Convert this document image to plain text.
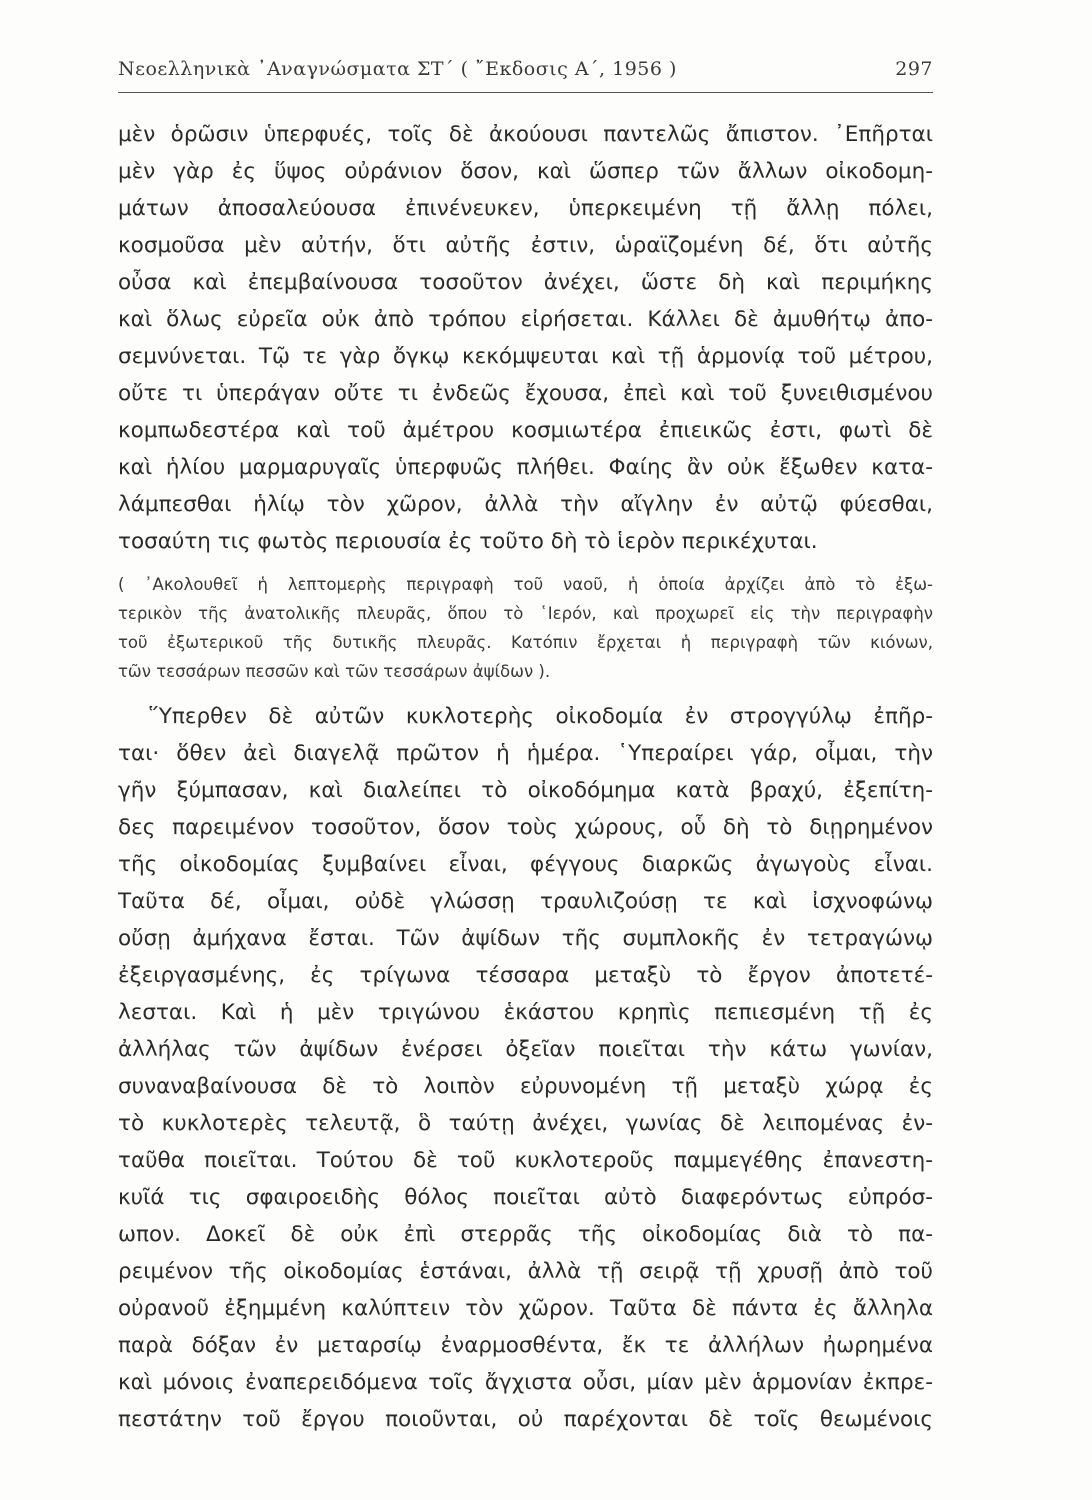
Νεοελληνικὰ ᾿Αναγνώσματα ΣΤ΄ ( ῎Εκδοσις Α΄, 1956 )	297
μὲν ὁρῶσιν ὑπερφυές, τοῖς δὲ ἀκούουσι παντελῶς ἄπιστον. ᾿Επῆρται
μὲν γὰρ ἐς ὕψος οὐράνιον ὅσον, καὶ ὥσπερ τῶν ἄλλων οἰκοδομη-
μάτων ἀποσαλεύουσα ἐπινένευκεν, ὑπερκειμένη τῇ ἄλλῃ πόλει,
κοσμοῦσα μὲν αὐτήν, ὅτι αὐτῆς ἐστιν, ὡραϊζομένη δέ, ὅτι αὐτῆς
οὖσα καὶ ἐπεμβαίνουσα τοσοῦτον ἀνέχει, ὥστε δὴ καὶ περιμήκης
καὶ ὅλως εὐρεῖα οὐκ ἀπὸ τρόπου εἰρήσεται. Κάλλει δὲ ἀμυθήτῳ ἀπο-
σεμνύνεται. Τῷ τε γὰρ ὄγκῳ κεκόμψευται καὶ τῇ ἁρμονίᾳ τοῦ μέτρου,
οὔτε τι ὑπεράγαν οὔτε τι ἐνδεῶς ἔχουσα, ἐπεὶ καὶ τοῦ ξυνειθισμένου
κομπωδεστέρα καὶ τοῦ ἀμέτρου κοσμιωτέρα ἐπιεικῶς ἐστι, φωτὶ δὲ
καὶ ἡλίου μαρμαρυγαῖς ὑπερφυῶς πλήθει. Φαίης ἂν οὐκ ἔξωθεν κατα-
λάμπεσθαι ἡλίῳ τὸν χῶρον, ἀλλὰ τὴν αἴγλην ἐν αὐτῷ φύεσθαι,
τοσαύτη τις φωτὸς περιουσία ἐς τοῦτο δὴ τὸ ἱερὸν περικέχυται.
( ᾿Ακολουθεῖ ἡ λεπτομερὴς περιγραφὴ τοῦ ναοῦ, ἡ ὁποία ἀρχίζει ἀπὸ τὸ ἐξω-
τερικὸν τῆς ἀνατολικῆς πλευρᾶς, ὅπου τὸ ῾Ιερόν, καὶ προχωρεῖ εἰς τὴν περιγραφὴν
τοῦ ἐξωτερικοῦ τῆς δυτικῆς πλευρᾶς. Κατόπιν ἔρχεται ἡ περιγραφὴ τῶν κιόνων,
τῶν τεσσάρων πεσσῶν καὶ τῶν τεσσάρων ἀψίδων ).
῞Υπερθεν δὲ αὐτῶν κυκλοτερὴς οἰκοδομία ἐν στρογγύλῳ ἐπῆρ-
ται· ὅθεν ἀεὶ διαγελᾷ πρῶτον ἡ ἡμέρα. ῾Υπεραίρει γάρ, οἶμαι, τὴν
γῆν ξύμπασαν, καὶ διαλείπει τὸ οἰκοδόμημα κατὰ βραχύ, ἐξεπίτη-
δες παρειμένον τοσοῦτον, ὅσον τοὺς χώρους, οὗ δὴ τὸ διῃρημένον
τῆς οἰκοδομίας ξυμβαίνει εἶναι, φέγγους διαρκῶς ἀγωγοὺς εἶναι.
Ταῦτα δέ, οἶμαι, οὐδὲ γλώσσῃ τραυλιζούσῃ τε καὶ ἰσχνοφώνῳ
οὔσῃ ἀμήχανα ἔσται. Τῶν ἀψίδων τῆς συμπλοκῆς ἐν τετραγώνῳ
ἐξειργασμένης, ἐς τρίγωνα τέσσαρα μεταξὺ τὸ ἔργον ἀποτετέ-
λεσται. Καὶ ἡ μὲν τριγώνου ἑκάστου κρηπὶς πεπιεσμένη τῇ ἐς
ἀλλήλας τῶν ἀψίδων ἐνέρσει ὀξεῖαν ποιεῖται τὴν κάτω γωνίαν,
συναναβαίνουσα δὲ τὸ λοιπὸν εὐρυνομένη τῇ μεταξὺ χώρᾳ ἐς
τὸ κυκλοτερὲς τελευτᾷ, ὃ ταύτῃ ἀνέχει, γωνίας δὲ λειπομένας ἐν-
ταῦθα ποιεῖται. Τούτου δὲ τοῦ κυκλοτεροῦς παμμεγέθης ἐπανεστη-
κυῖά τις σφαιροειδὴς θόλος ποιεῖται αὐτὸ διαφερόντως εὐπρόσ-
ωπον. Δοκεῖ δὲ οὐκ ἐπὶ στερρᾶς τῆς οἰκοδομίας διὰ τὸ πα-
ρειμένον τῆς οἰκοδομίας ἑστάναι, ἀλλὰ τῇ σειρᾷ τῇ χρυσῇ ἀπὸ τοῦ
οὐρανοῦ ἐξημμένη καλύπτειν τὸν χῶρον. Ταῦτα δὲ πάντα ἐς ἄλληλα
παρὰ δόξαν ἐν μεταρσίῳ ἐναρμοσθέντα, ἔκ τε ἀλλήλων ἠωρημένα
καὶ μόνοις ἐναπερειδόμενα τοῖς ἄγχιστα οὖσι, μίαν μὲν ἁρμονίαν ἐκπρε-
πεστάτην τοῦ ἔργου ποιοῦνται, οὐ παρέχονται δὲ τοῖς θεωμένοις
